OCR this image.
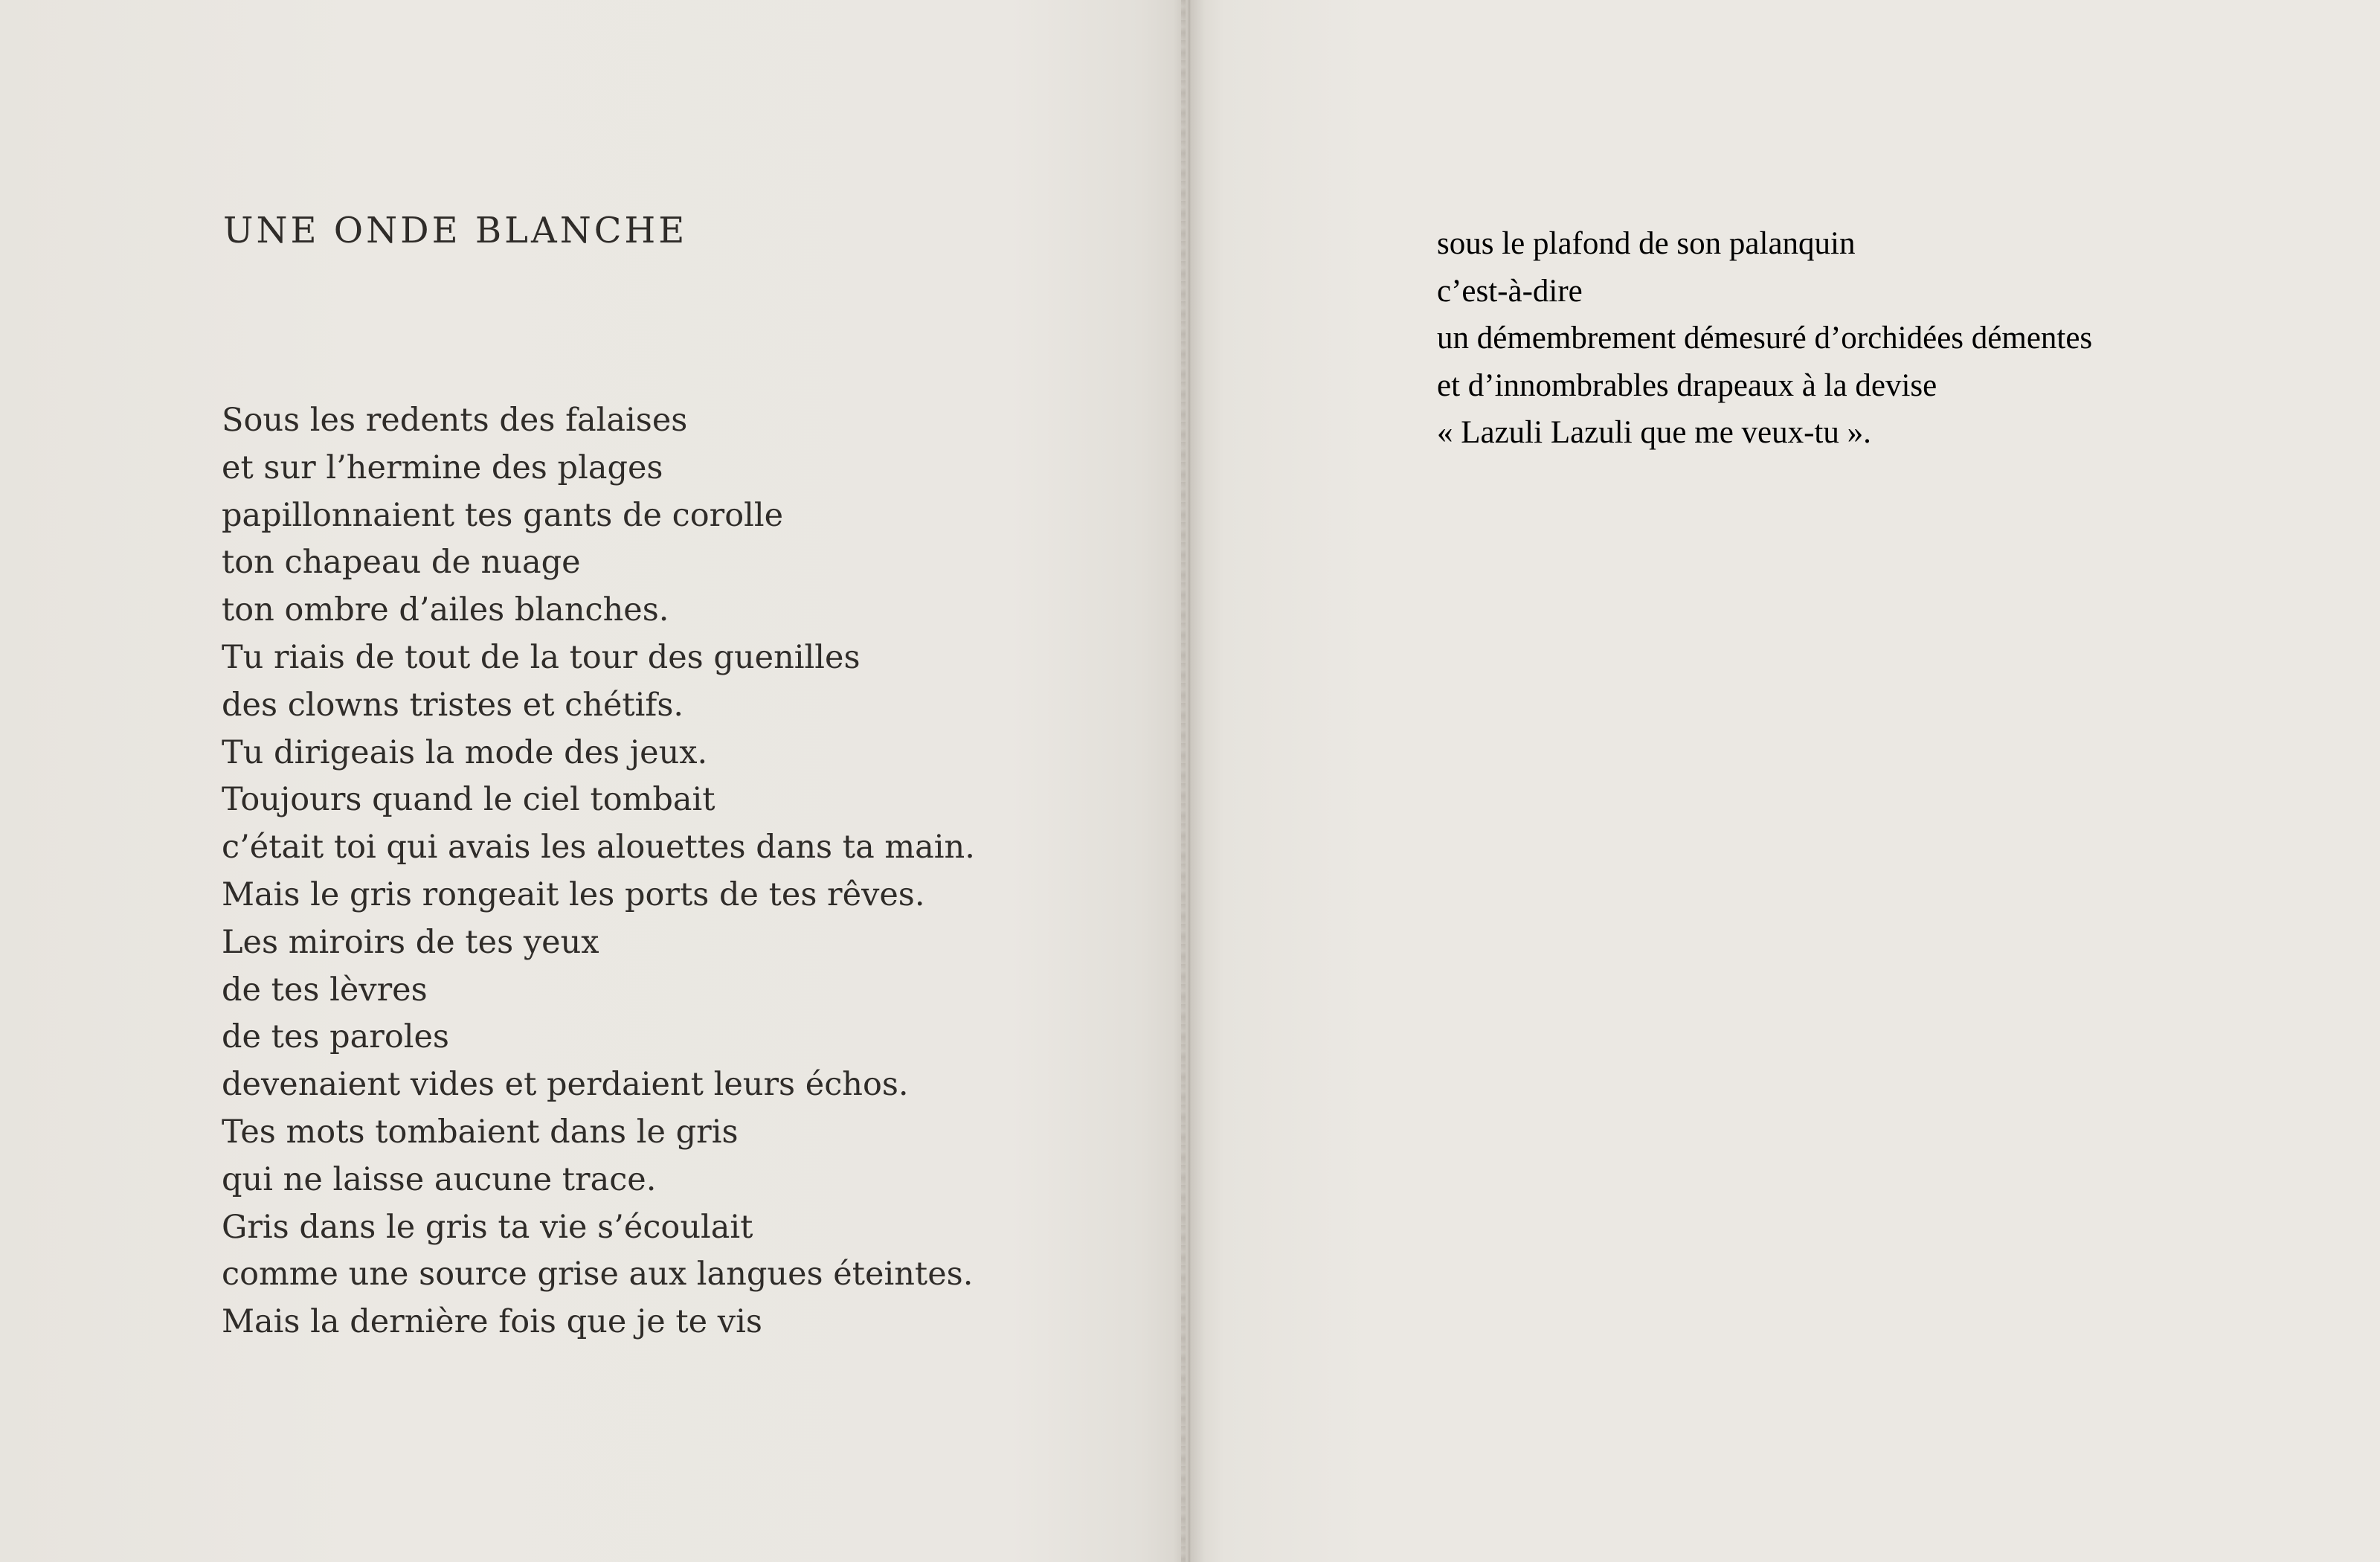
UNE ONDE BLANCHE
Sous les redents des falaises
et sur l’hermine des plages
papillonnaient tes gants de corolle
ton chapeau de nuage
ton ombre d’ailes blanches.
Tu riais de tout de la tour des guenilles
des clowns tristes et chétifs.
Tu dirigeais la mode des jeux.
Toujours quand le ciel tombait
c’était toi qui avais les alouettes dans ta main.
Mais le gris rongeait les ports de tes rêves.
Les miroirs de tes yeux
de tes lèvres
de tes paroles
devenaient vides et perdaient leurs échos.
Tes mots tombaient dans le gris
qui ne laisse aucune trace.
Gris dans le gris ta vie s’écoulait
comme une source grise aux langues éteintes.
Mais la dernière fois que je te vis
sous le plafond de son palanquin
c’est-à-dire
un démembrement démesuré d’orchidées démentes
et d’innombrables drapeaux à la devise
« Lazuli Lazuli que me veux-tu ».
